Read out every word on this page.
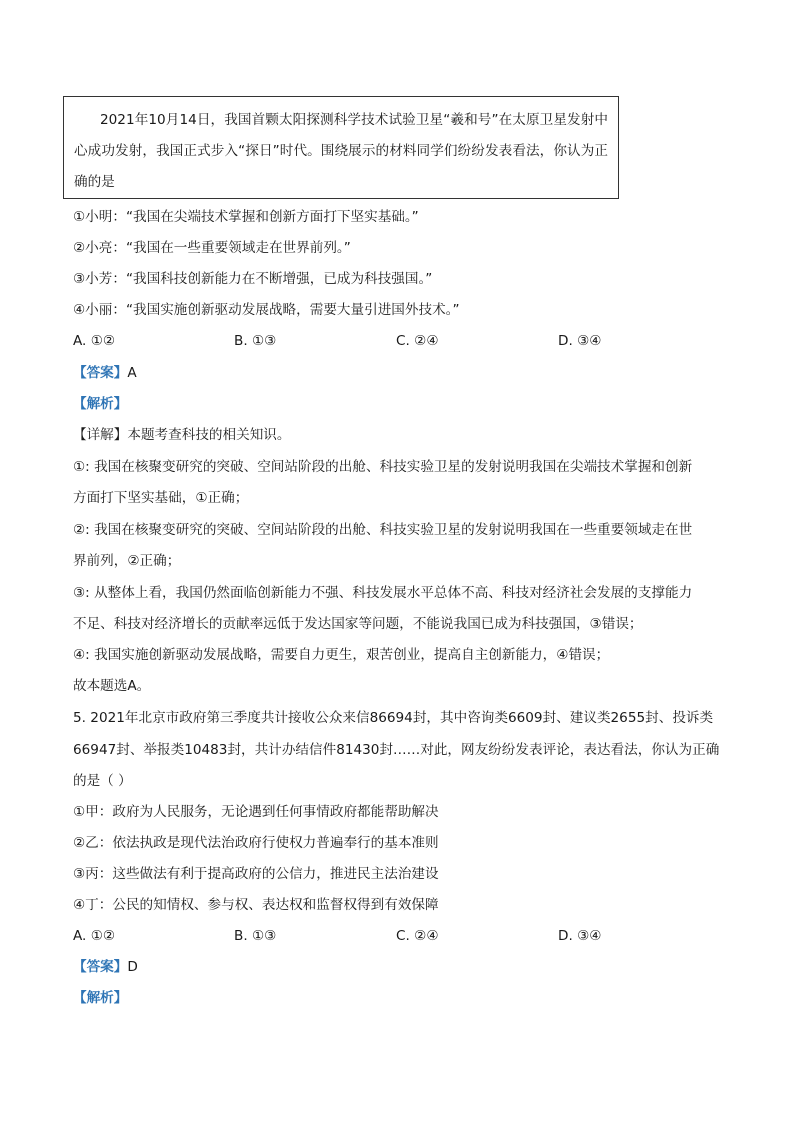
2021年10月14日，我国首颗太阳探测科学技术试验卫星“羲和号”在太原卫星发射中心成功发射，我国正式步入“探日”时代。围绕展示的材料同学们纷纷发表看法，你认为正确的是
①小明：“我国在尖端技术掌握和创新方面打下坚实基础。”
②小亮：“我国在一些重要领域走在世界前列。”
③小芳：“我国科技创新能力在不断增强，已成为科技强国。”
④小丽：“我国实施创新驱动发展战略，需要大量引进国外技术。”
A. ①②	B. ①③	C. ②④	D. ③④
【答案】A
【解析】
【详解】本题考查科技的相关知识。
①: 我国在核聚变研究的突破、空间站阶段的出舱、科技实验卫星的发射说明我国在尖端技术掌握和创新
方面打下坚实基础，①正确；
②: 我国在核聚变研究的突破、空间站阶段的出舱、科技实验卫星的发射说明我国在一些重要领域走在世
界前列，②正确；
③: 从整体上看，我国仍然面临创新能力不强、科技发展水平总体不高、科技对经济社会发展的支撑能力
不足、科技对经济增长的贡献率远低于发达国家等问题，不能说我国已成为科技强国，③错误；
④: 我国实施创新驱动发展战略，需要自力更生，艰苦创业，提高自主创新能力，④错误；
故本题选A。
5. 2021年北京市政府第三季度共计接收公众来信86694封，其中咨询类6609封、建议类2655封、投诉类
66947封、举报类10483封，共计办结信件81430封……对此，网友纷纷发表评论，表达看法，你认为正确
的是（ ）
①甲：政府为人民服务，无论遇到任何事情政府都能帮助解决
②乙：依法执政是现代法治政府行使权力普遍奉行的基本准则
③丙：这些做法有利于提高政府的公信力，推进民主法治建设
④丁：公民的知情权、参与权、表达权和监督权得到有效保障
A. ①②	B. ①③	C. ②④	D. ③④
【答案】D
【解析】
